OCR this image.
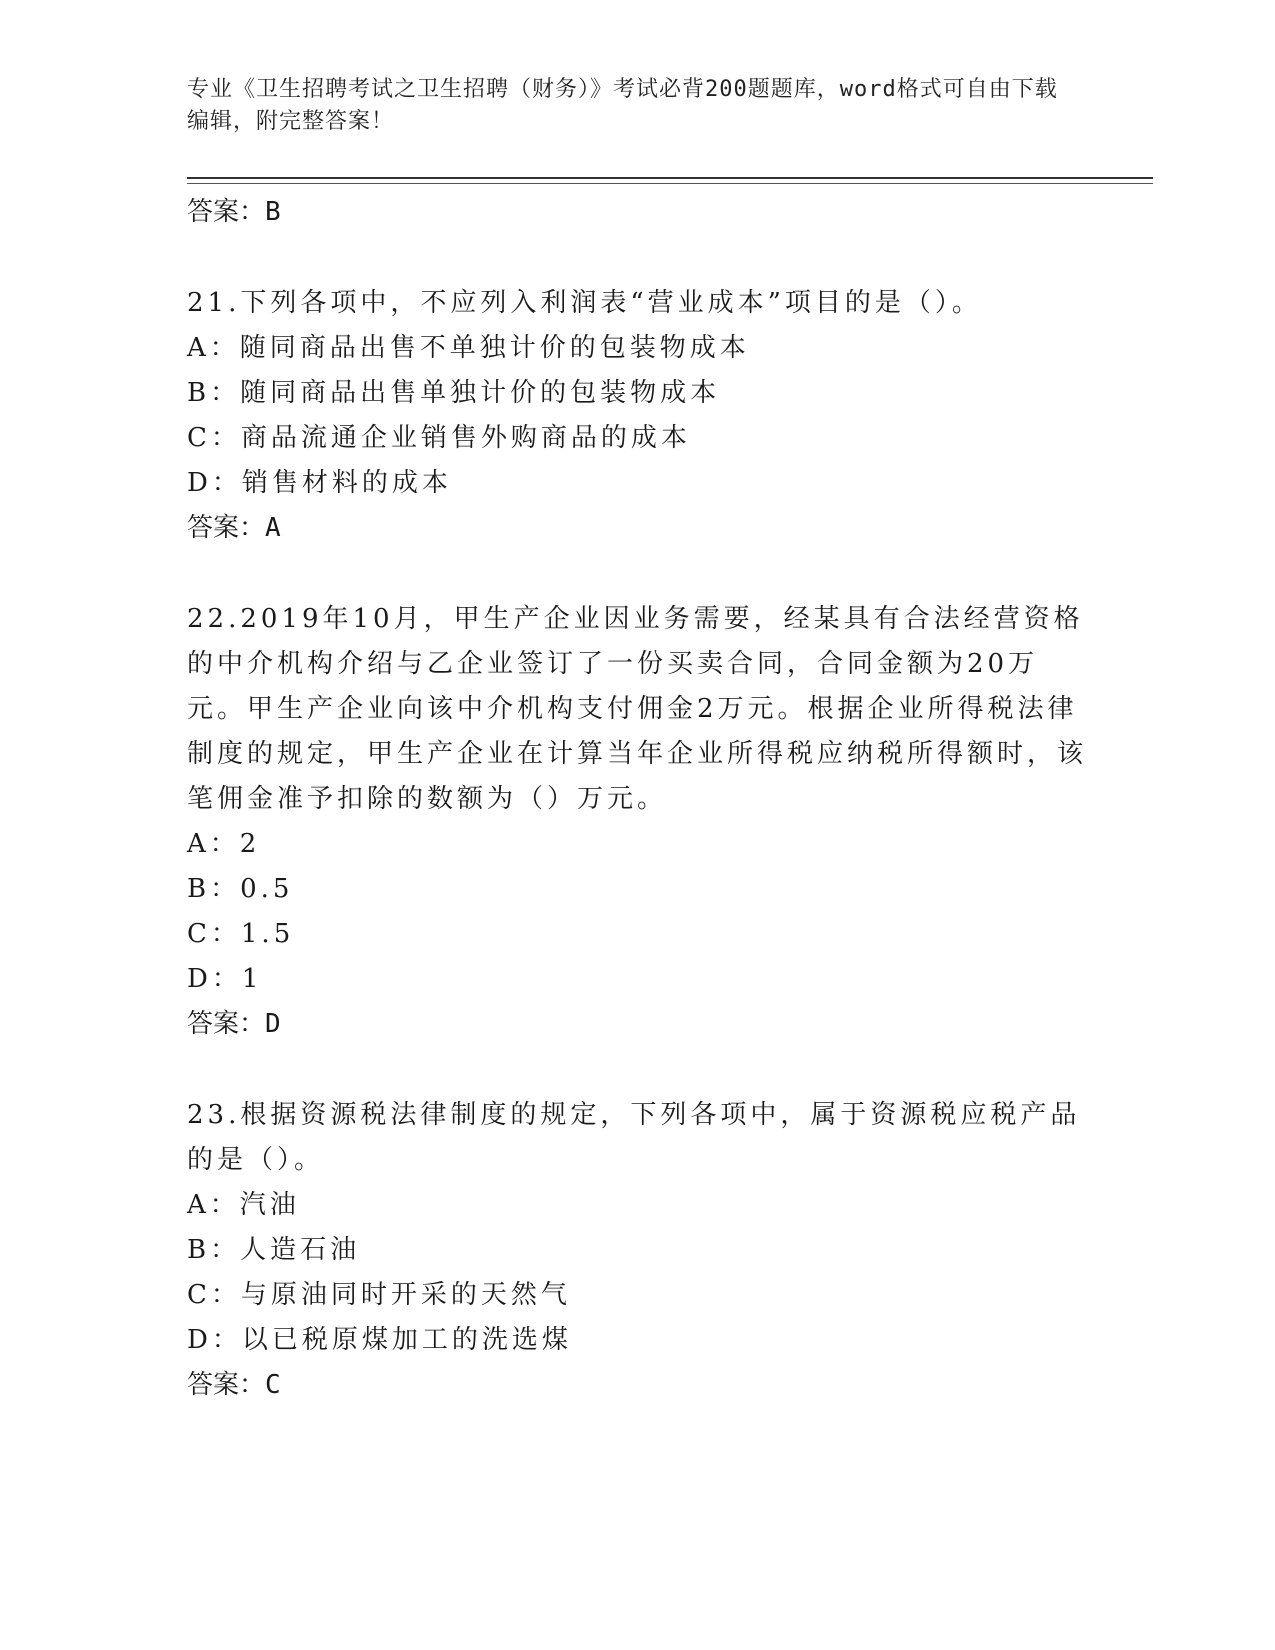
专业《卫生招聘考试之卫生招聘（财务）》考试必背200题题库，word格式可自由下载编辑，附完整答案！
答案：B
21.下列各项中，不应列入利润表“营业成本”项目的是（）。
A：随同商品出售不单独计价的包装物成本
B：随同商品出售单独计价的包装物成本
C：商品流通企业销售外购商品的成本
D：销售材料的成本
答案：A
22.2019年10月，甲生产企业因业务需要，经某具有合法经营资格的中介机构介绍与乙企业签订了一份买卖合同，合同金额为20万元。甲生产企业向该中介机构支付佣金2万元。根据企业所得税法律制度的规定，甲生产企业在计算当年企业所得税应纳税所得额时，该笔佣金准予扣除的数额为（）万元。
A：2
B：0.5
C：1.5
D：1
答案：D
23.根据资源税法律制度的规定，下列各项中，属于资源税应税产品的是（）。
A：汽油
B：人造石油
C：与原油同时开采的天然气
D：以已税原煤加工的洗选煤
答案：C
